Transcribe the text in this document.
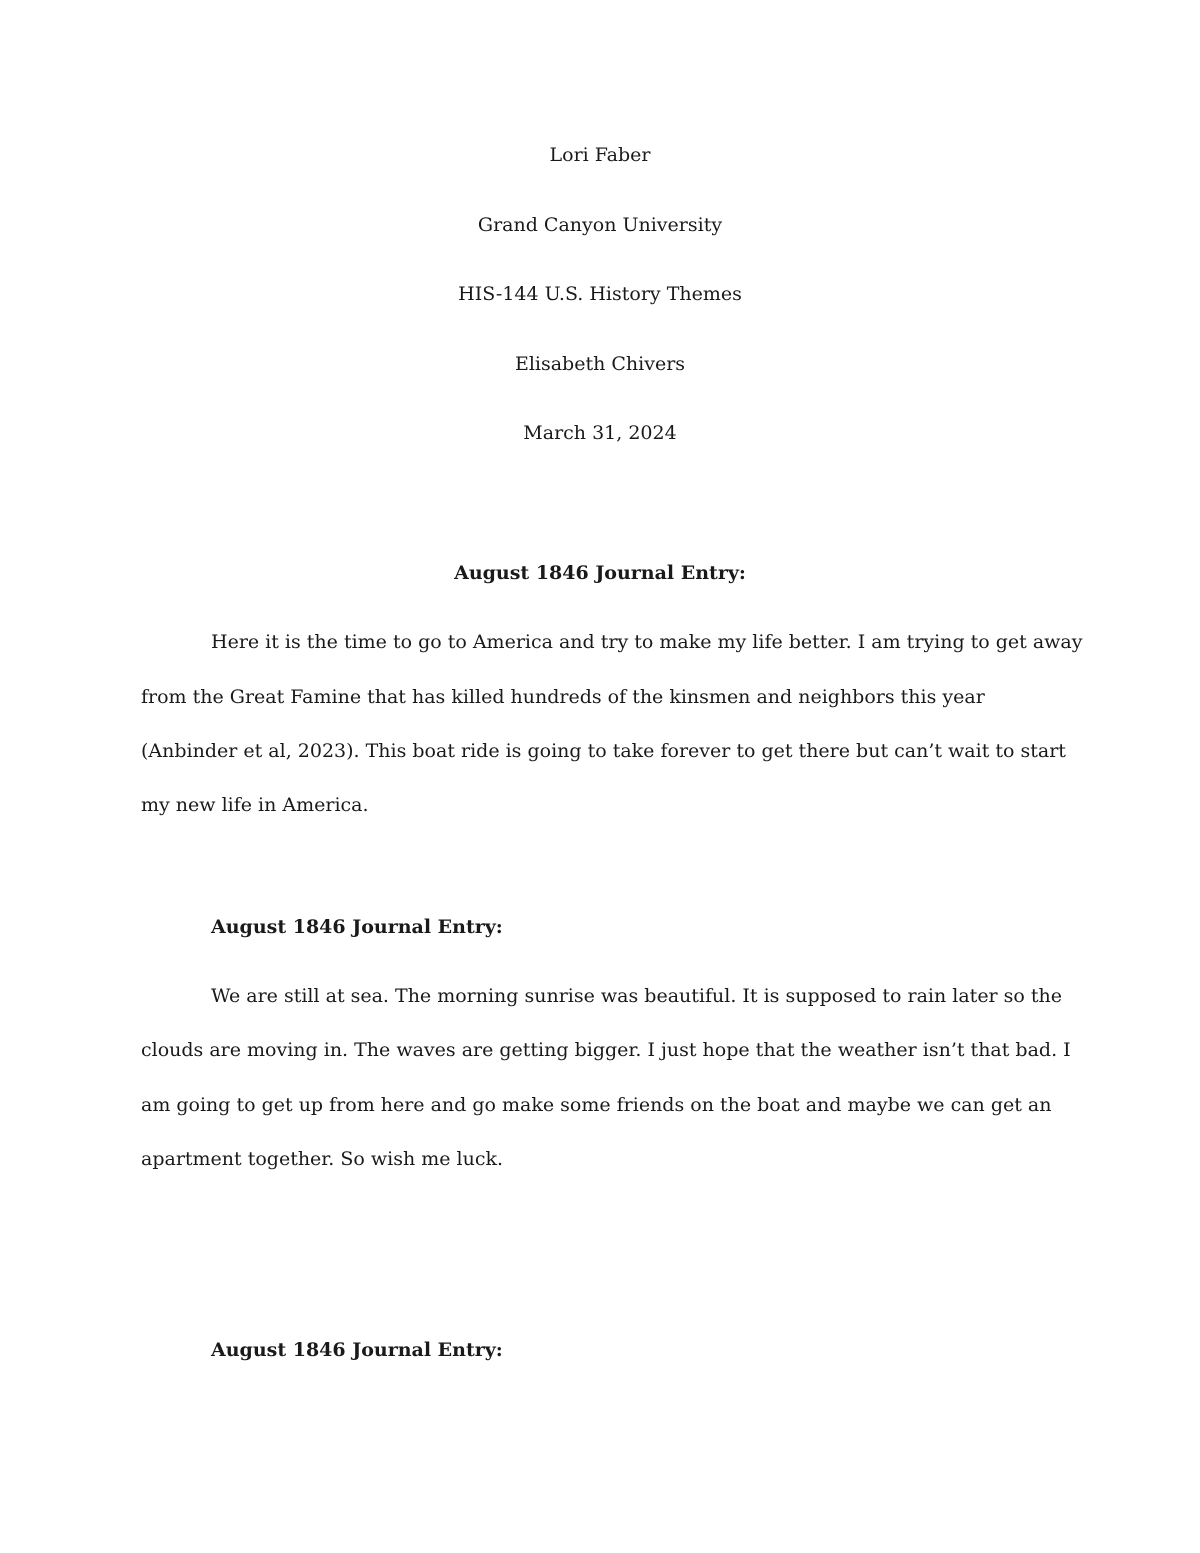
Lori Faber

Grand Canyon University

HIS-144 U.S. History Themes

Elisabeth Chivers

March 31, 2024

August 1846 Journal Entry:

Here it is the time to go to America and try to make my life better. I am trying to get away

from the Great Famine that has killed hundreds of the kinsmen and neighbors this year

(Anbinder et al, 2023). This boat ride is going to take forever to get there but can’t wait to start

my new life in America.

August 1846 Journal Entry:

We are still at sea. The morning sunrise was beautiful. It is supposed to rain later so the

clouds are moving in. The waves are getting bigger. I just hope that the weather isn’t that bad. I

am going to get up from here and go make some friends on the boat and maybe we can get an

apartment together. So wish me luck.

August 1846 Journal Entry:
